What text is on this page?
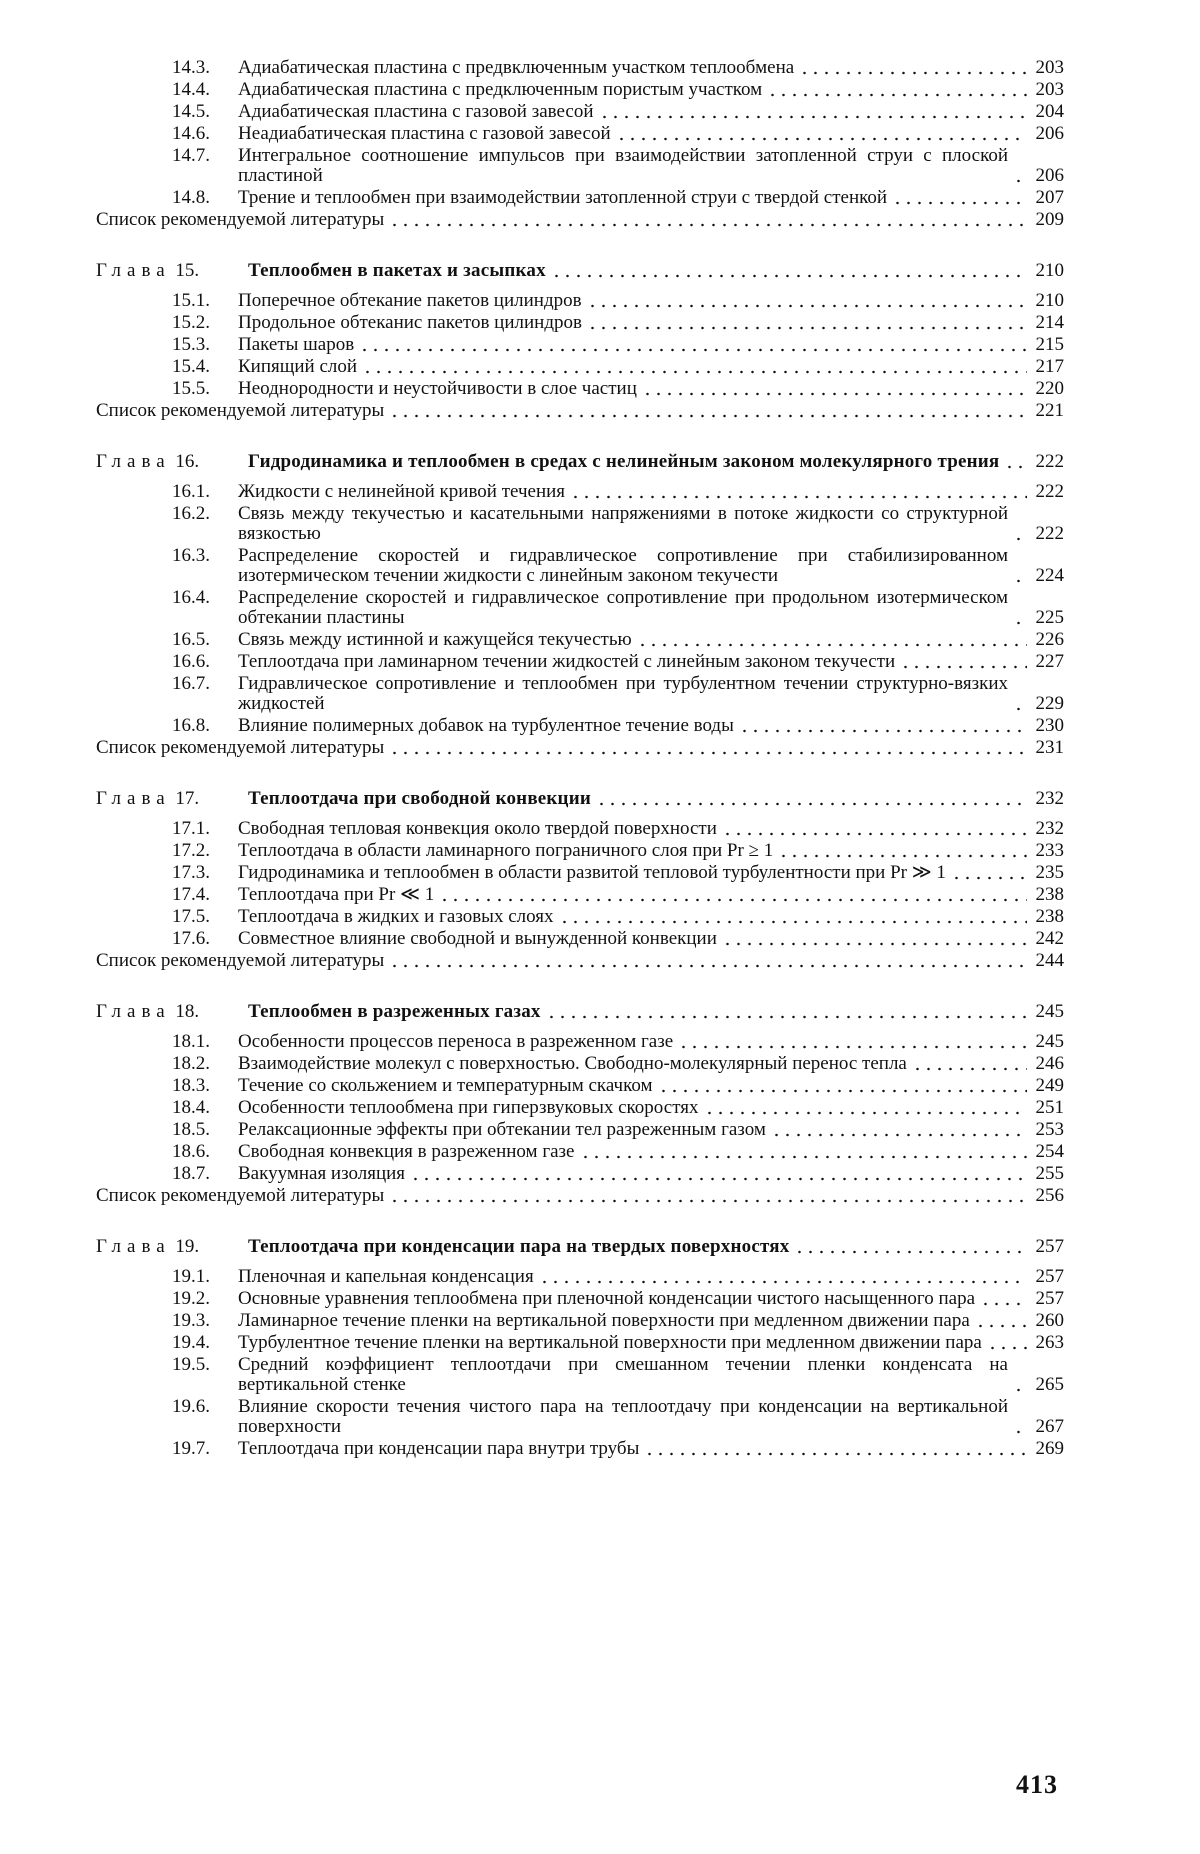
14.3.	Адиабатическая пластина с предвключенным участком теплообмена	203
14.4.	Адиабатическая пластина с предключенным пористым участком	203
14.5.	Адиабатическая пластина с газовой завесой	204
14.6.	Неадиабатическая пластина с газовой завесой	206
14.7.	Интегральное соотношение импульсов при взаимодействии затопленной струи с плоской пластиной	206
14.8.	Трение и теплообмен при взаимодействии затопленной струи с твердой стенкой	207
Список рекомендуемой литературы	209
Глава 15.	Теплообмен в пакетах и засыпках	210
15.1.	Поперечное обтекание пакетов цилиндров	210
15.2.	Продольное обтеканис пакетов цилиндров	214
15.3.	Пакеты шаров	215
15.4.	Кипящий слой	217
15.5.	Неоднородности и неустойчивости в слое частиц	220
Список рекомендуемой литературы	221
Глава 16.	Гидродинамика и теплообмен в средах с нелинейным законом молекулярного трения 222
16.1.	Жидкости с нелинейной кривой течения	222
16.2.	Связь между текучестью и касательными напряжениями в потоке жидкости со структурной вязкостью	222
16.3.	Распределение скоростей и гидравлическое сопротивление при стабилизированном изотермическом течении жидкости с линейным законом текучести	224
16.4.	Распределение скоростей и гидравлическое сопротивление при продольном изотермическом обтекании пластины	225
16.5.	Связь между истинной и кажущейся текучестью	226
16.6.	Теплоотдача при ламинарном течении жидкостей с линейным законом текучести	227
16.7.	Гидравлическое сопротивление и теплообмен при турбулентном течении структурно-вязких жидкостей	229
16.8.	Влияние полимерных добавок на турбулентное течение воды	230
Список рекомендуемой литературы	231
Глава 17.	Теплоотдача при свободной конвекции	232
17.1.	Свободная тепловая конвекция около твердой поверхности	232
17.2.	Теплоотдача в области ламинарного пограничного слоя при Pr ≥ 1	233
17.3.	Гидродинамика и теплообмен в области развитой тепловой турбулентности при Pr ≫ 1	235
17.4.	Теплоотдача при Pr ≪ 1	238
17.5.	Теплоотдача в жидких и газовых слоях	238
17.6.	Совместное влияние свободной и вынужденной конвекции	242
Список рекомендуемой литературы	244
Глава 18.	Теплообмен в разреженных газах	245
18.1.	Особенности процессов переноса в разреженном газе	245
18.2.	Взаимодействие молекул с поверхностью. Свободно-молекулярный перенос тепла	246
18.3.	Течение со скольжением и температурным скачком	249
18.4.	Особенности теплообмена при гиперзвуковых скоростях	251
18.5.	Релаксационные эффекты при обтекании тел разреженным газом	253
18.6.	Свободная конвекция в разреженном газе	254
18.7.	Вакуумная изоляция	255
Список рекомендуемой литературы	256
Глава 19.	Теплоотдача при конденсации пара на твердых поверхностях	257
19.1.	Пленочная и капельная конденсация	257
19.2.	Основные уравнения теплообмена при пленочной конденсации чистого насыщенного пара	257
19.3.	Ламинарное течение пленки на вертикальной поверхности при медленном движении пара	260
19.4.	Турбулентное течение пленки на вертикальной поверхности при медленном движении пара	263
19.5.	Средний коэффициент теплоотдачи при смешанном течении пленки конденсата на вертикальной стенке	265
19.6.	Влияние скорости течения чистого пара на теплоотдачу при конденсации на вертикальной поверхности	267
19.7.	Теплоотдача при конденсации пара внутри трубы	269
413
